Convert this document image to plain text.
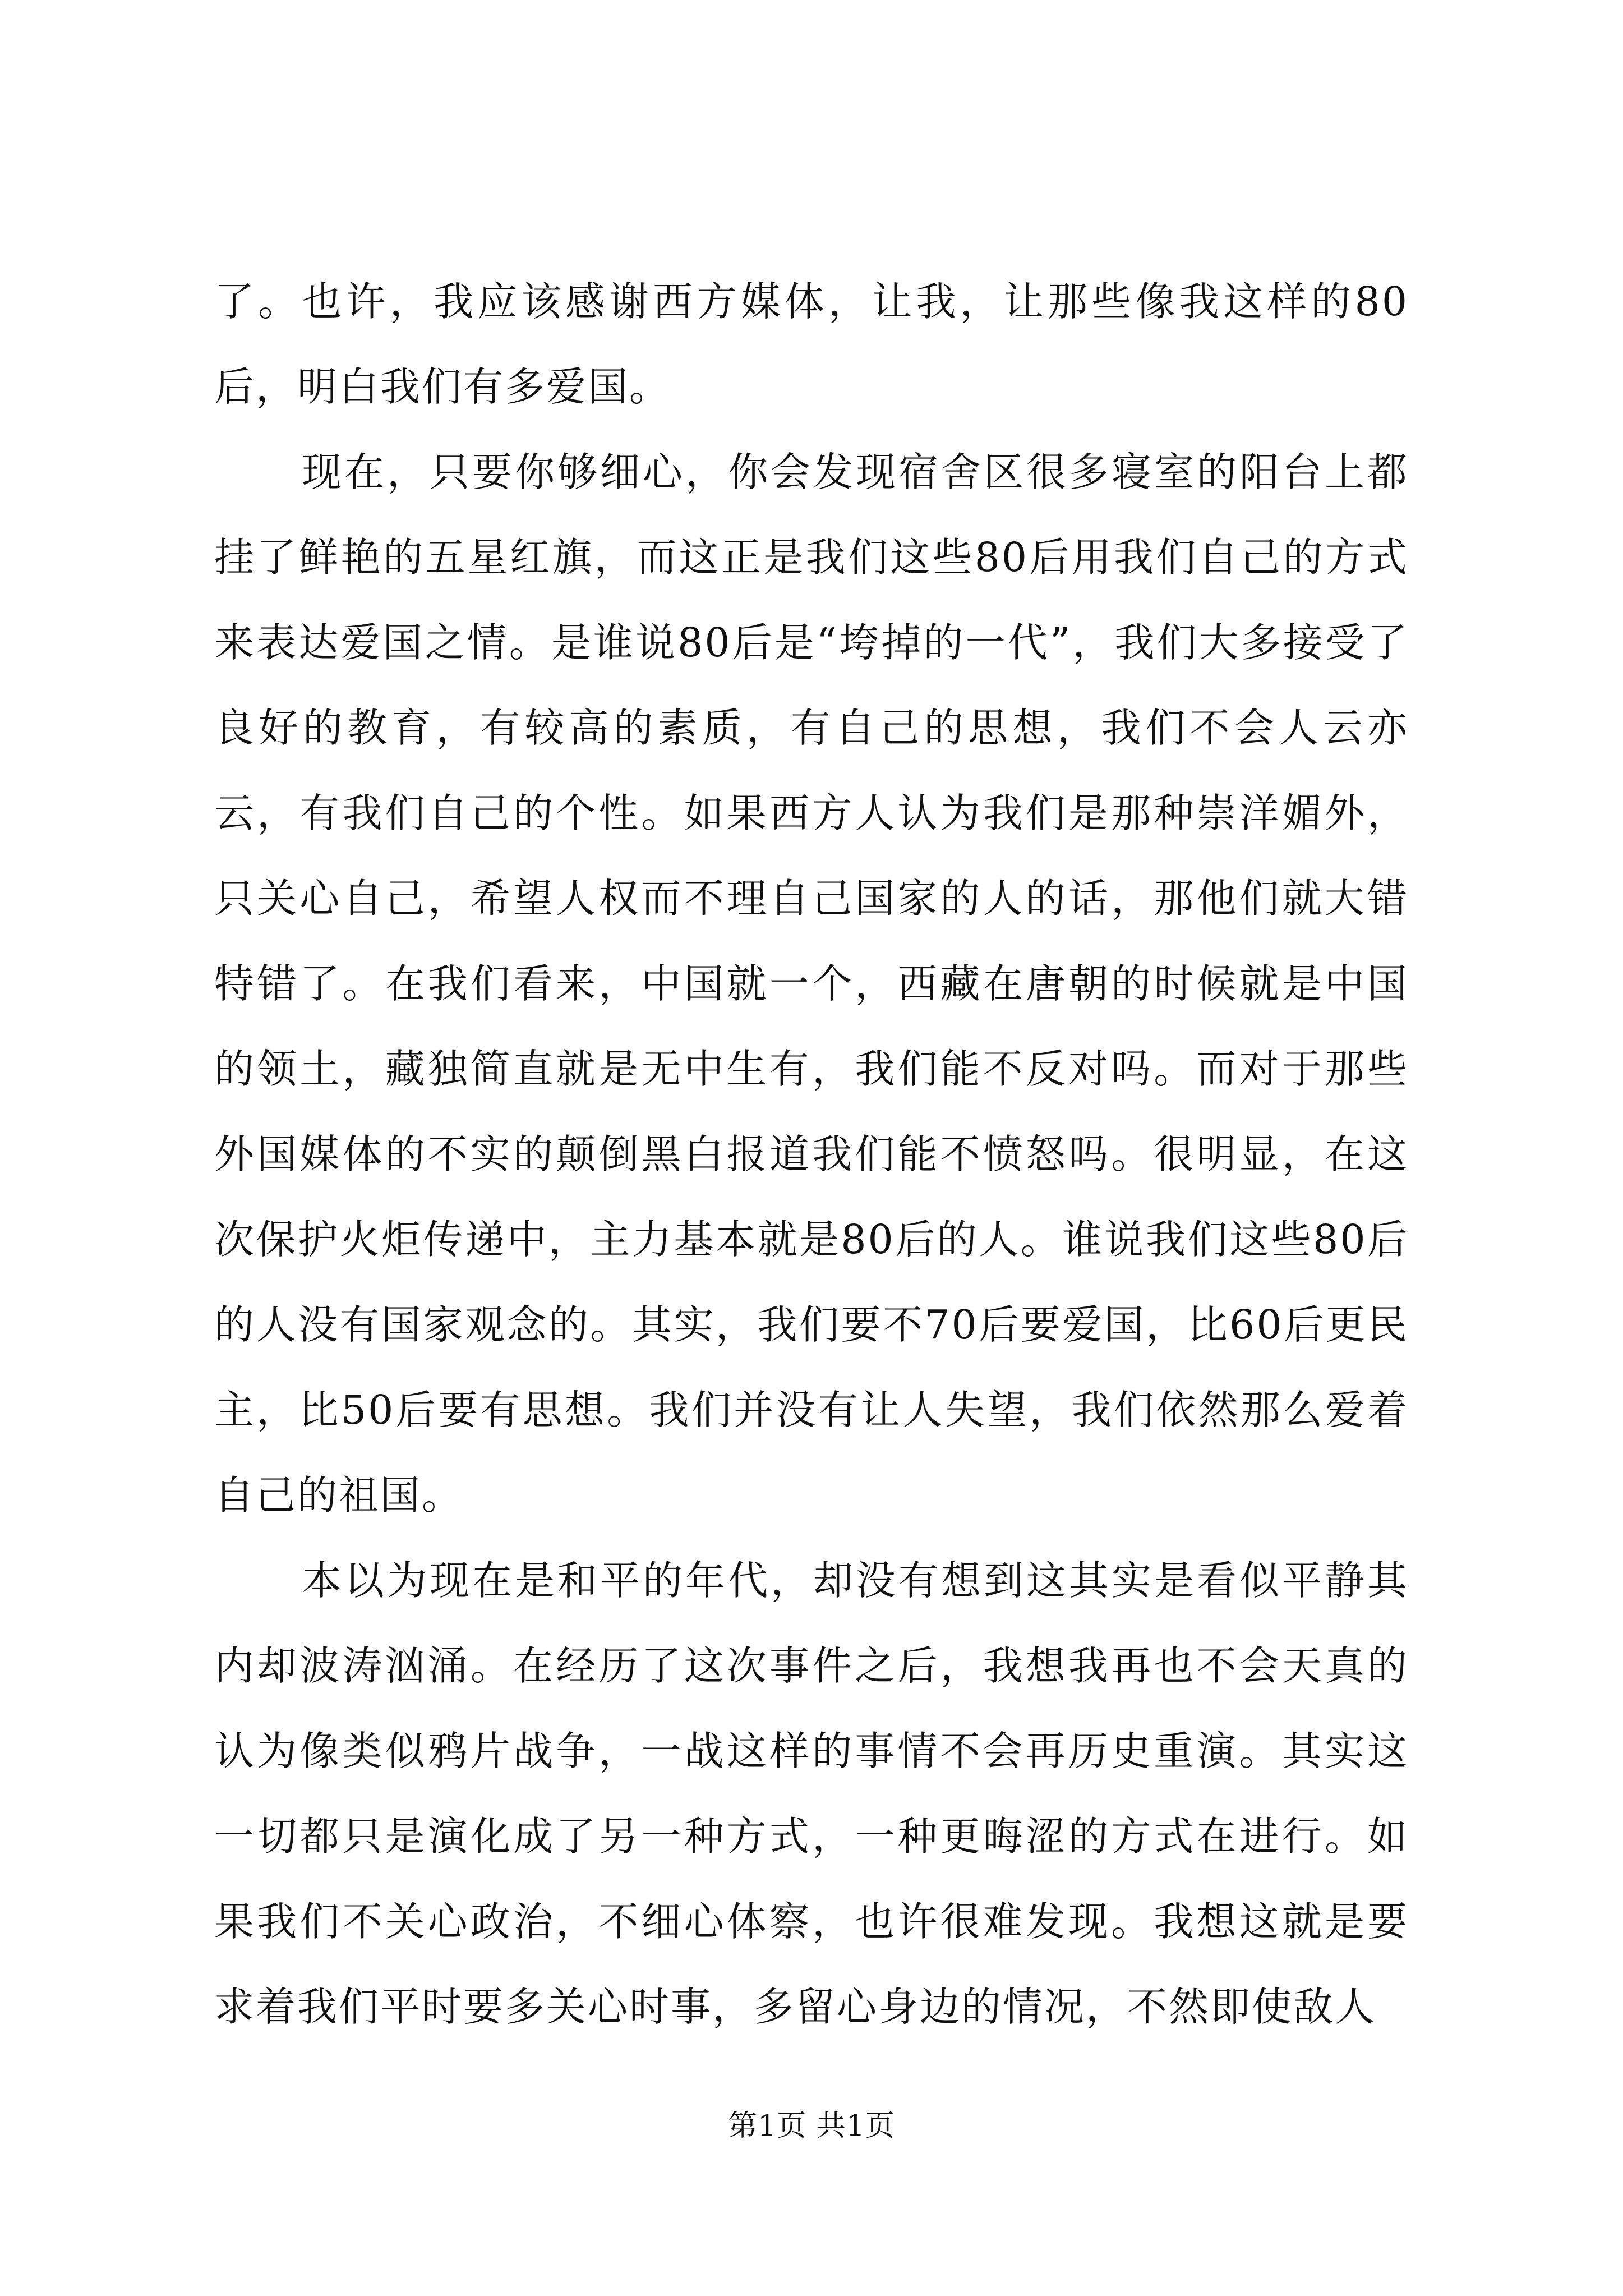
了。也许，我应该感谢西方媒体，让我，让那些像我这样的80后，明白我们有多爱国。

现在，只要你够细心，你会发现宿舍区很多寝室的阳台上都挂了鲜艳的五星红旗，而这正是我们这些80后用我们自己的方式来表达爱国之情。是谁说80后是“垮掉的一代”，我们大多接受了良好的教育，有较高的素质，有自己的思想，我们不会人云亦云，有我们自己的个性。如果西方人认为我们是那种崇洋媚外，只关心自己，希望人权而不理自己国家的人的话，那他们就大错特错了。在我们看来，中国就一个，西藏在唐朝的时候就是中国的领土，藏独简直就是无中生有，我们能不反对吗。而对于那些外国媒体的不实的颠倒黑白报道我们能不愤怒吗。很明显，在这次保护火炬传递中，主力基本就是80后的人。谁说我们这些80后的人没有国家观念的。其实，我们要不70后要爱国，比60后更民主，比50后要有思想。我们并没有让人失望，我们依然那么爱着自己的祖国。

本以为现在是和平的年代，却没有想到这其实是看似平静其内却波涛汹涌。在经历了这次事件之后，我想我再也不会天真的认为像类似鸦片战争，一战这样的事情不会再历史重演。其实这一切都只是演化成了另一种方式，一种更晦涩的方式在进行。如果我们不关心政治，不细心体察，也许很难发现。我想这就是要求着我们平时要多关心时事，多留心身边的情况，不然即使敌人

第1页 共1页
